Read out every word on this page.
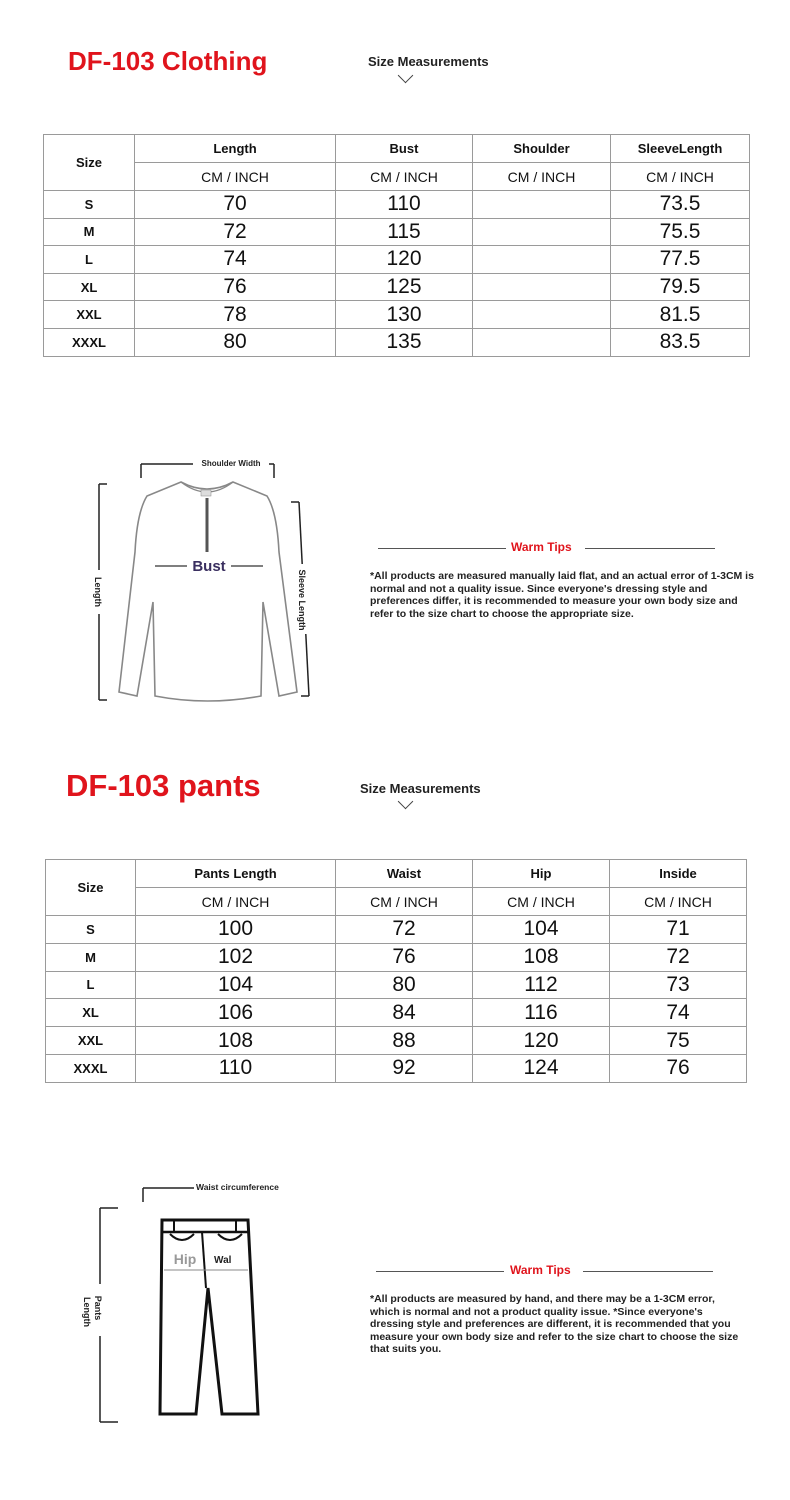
DF-103 Clothing	Size Measurements
Size	Length	Bust	Shoulder	SleeveLength
	CM / INCH	CM / INCH	CM / INCH	CM / INCH
S	70	110		73.5
M	72	115		75.5
L	74	120		77.5
XL	76	125		79.5
XXL	78	130		81.5
XXXL	80	135		83.5
Shoulder Width
Bust
Length	Sleeve Length
Warm Tips

*All products are measured manually laid flat, and an actual error of 1-3CM is normal and not a quality issue. Since everyone's dressing style and preferences differ, it is recommended to measure your own body size and refer to the size chart to choose the appropriate size.

DF-103 pants	Size Measurements
Size	Pants Length	Waist	Hip	Inside
	CM / INCH	CM / INCH	CM / INCH	CM / INCH
S	100	72	104	71
M	102	76	108	72
L	104	80	112	73
XL	106	84	116	74
XXL	108	88	120	75
XXXL	110	92	124	76
Waist circumference
Hip Wal
Pants
Length
Warm Tips

*All products are measured by hand, and there may be a 1-3CM error, which is normal and not a product quality issue. *Since everyone's dressing style and preferences are different, it is recommended that you measure your own body size and refer to the size chart to choose the size that suits you.
